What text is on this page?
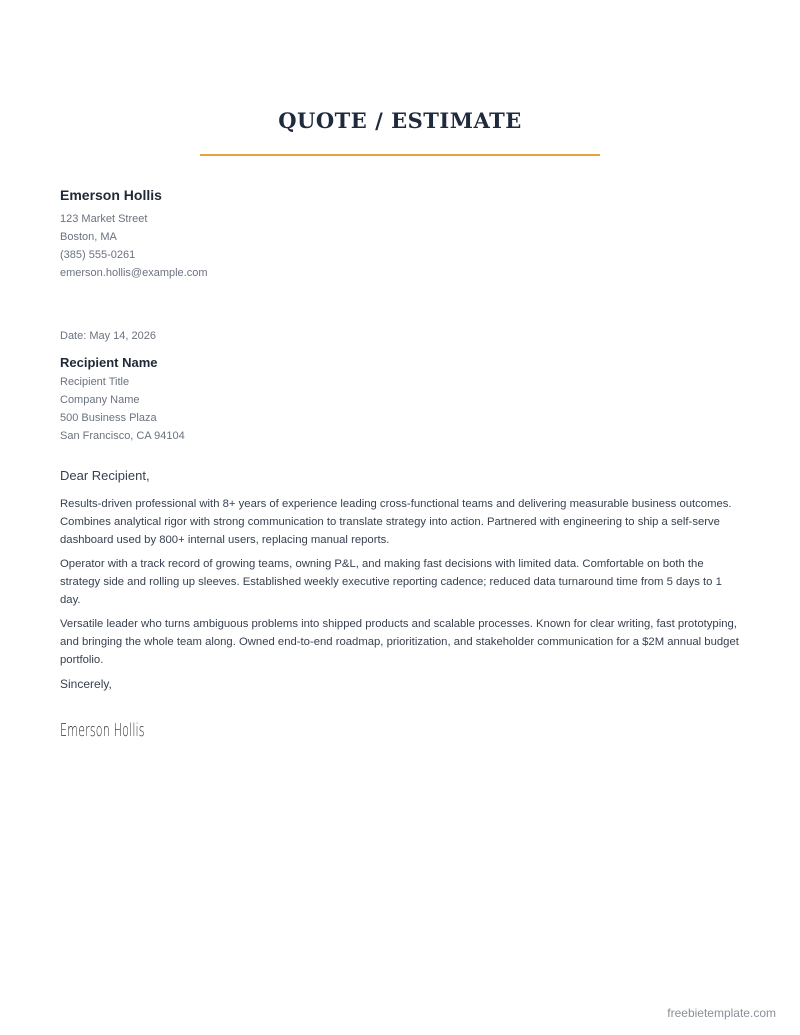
QUOTE / ESTIMATE
Emerson Hollis
123 Market Street
Boston, MA
(385) 555-0261
emerson.hollis@example.com
Date: May 14, 2026
Recipient Name
Recipient Title
Company Name
500 Business Plaza
San Francisco, CA 94104
Dear Recipient,

Results-driven professional with 8+ years of experience leading cross-functional teams and delivering measurable business outcomes. Combines analytical rigor with strong communication to translate strategy into action. Partnered with engineering to ship a self-serve dashboard used by 800+ internal users, replacing manual reports.

Operator with a track record of growing teams, owning P&L, and making fast decisions with limited data. Comfortable on both the strategy side and rolling up sleeves. Established weekly executive reporting cadence; reduced data turnaround time from 5 days to 1 day.

Versatile leader who turns ambiguous problems into shipped products and scalable processes. Known for clear writing, fast prototyping, and bringing the whole team along. Owned end-to-end roadmap, prioritization, and stakeholder communication for a $2M annual budget portfolio.

Sincerely,
Emerson Hollis
freebietemplate.com
